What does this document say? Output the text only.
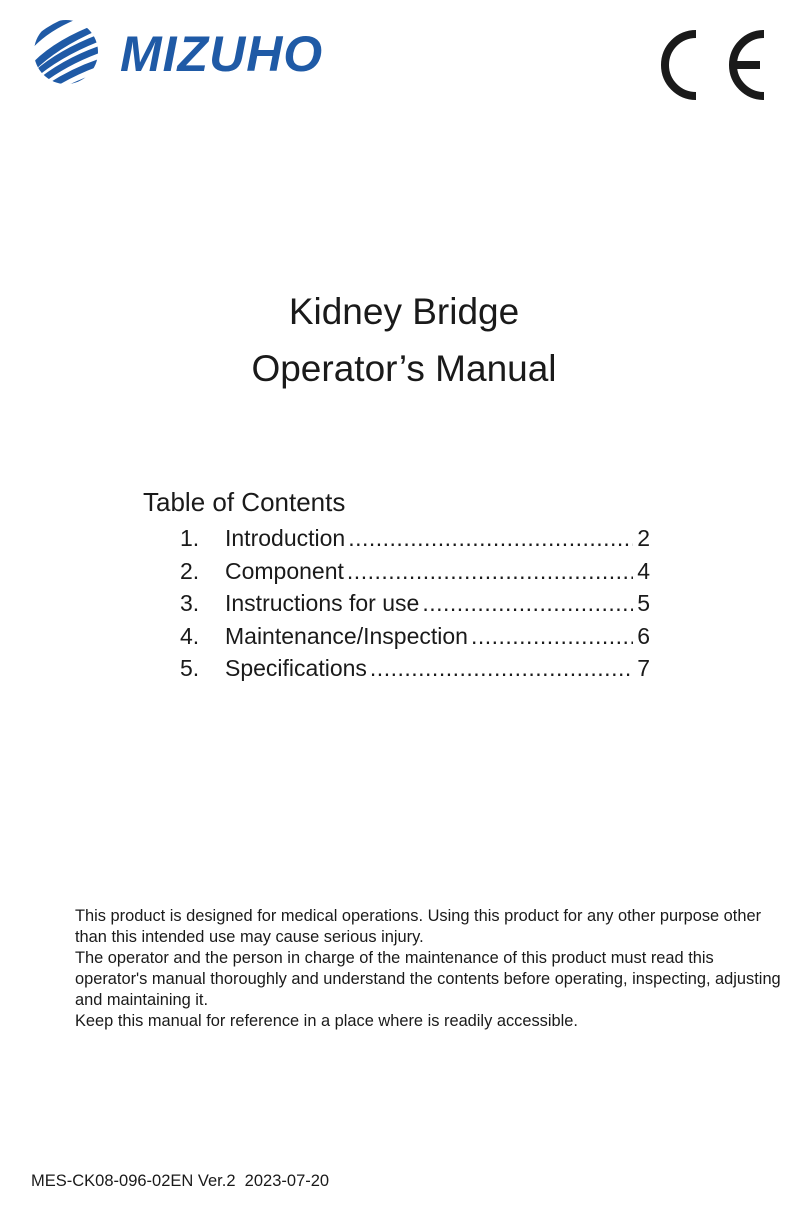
MIZUHO
Kidney Bridge
Operator’s Manual
Table of Contents
1.	Introduction .....	2
2.	Component .....	4
3.	Instructions for use .....	5
4.	Maintenance/Inspection .....	6
5.	Specifications .....	7

This product is designed for medical operations. Using this product for any other purpose other than this intended use may cause serious injury.

The operator and the person in charge of the maintenance of this product must read this operator's manual thoroughly and understand the contents before operating, inspecting, adjusting and maintaining it.

Keep this manual for reference in a place where is readily accessible.

MES-CK08-096-02EN Ver.2  2023-07-20
